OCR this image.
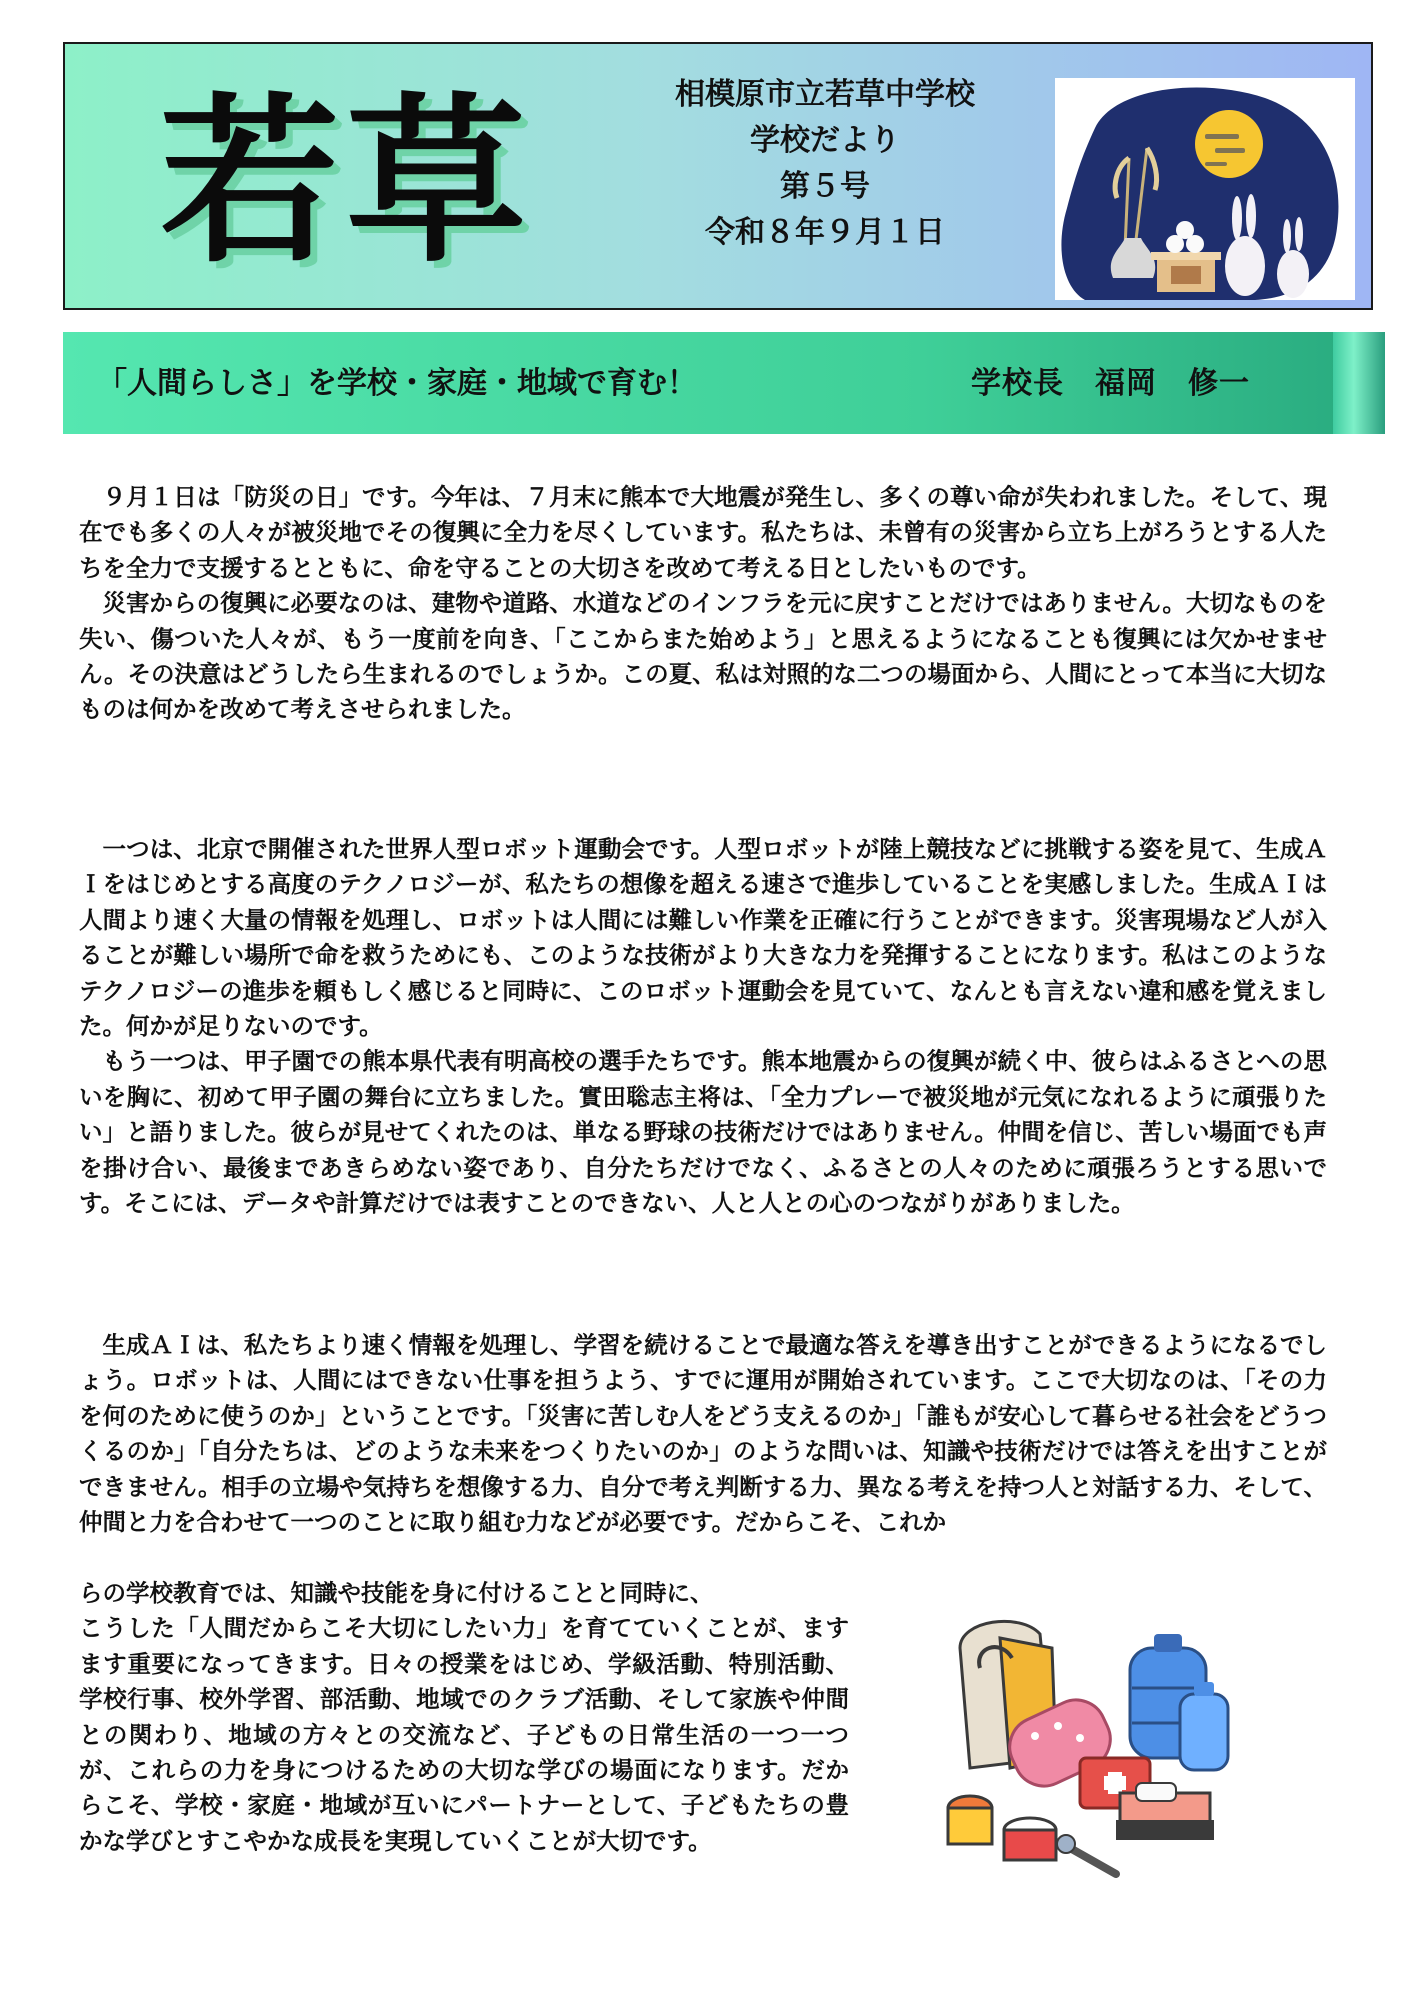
若草	相模原市立若草中学校
学校だより
第５号
令和８年９月１日
「人間らしさ」を学校・家庭・地域で育む！	学校長　福岡　修一

９月１日は「防災の日」です。今年は、７月末に熊本で大地震が発生し、多くの尊い命が失われました。そして、現在でも多くの人々が被災地でその復興に全力を尽くしています。私たちは、未曾有の災害から立ち上がろうとする人たちを全力で支援するとともに、命を守ることの大切さを改めて考える日としたいものです。

災害からの復興に必要なのは、建物や道路、水道などのインフラを元に戻すことだけではありません。大切なものを失い、傷ついた人々が、もう一度前を向き、「ここからまた始めよう」と思えるようになることも復興には欠かせません。その決意はどうしたら生まれるのでしょうか。この夏、私は対照的な二つの場面から、人間にとって本当に大切なものは何かを改めて考えさせられました。

一つは、北京で開催された世界人型ロボット運動会です。人型ロボットが陸上競技などに挑戦する姿を見て、生成ＡＩをはじめとする高度のテクノロジーが、私たちの想像を超える速さで進歩していることを実感しました。生成ＡＩは人間より速く大量の情報を処理し、ロボットは人間には難しい作業を正確に行うことができます。災害現場など人が入ることが難しい場所で命を救うためにも、このような技術がより大きな力を発揮することになります。私はこのようなテクノロジーの進歩を頼もしく感じると同時に、このロボット運動会を見ていて、なんとも言えない違和感を覚えました。何かが足りないのです。

もう一つは、甲子園での熊本県代表有明高校の選手たちです。熊本地震からの復興が続く中、彼らはふるさとへの思いを胸に、初めて甲子園の舞台に立ちました。實田聡志主将は、「全力プレーで被災地が元気になれるように頑張りたい」と語りました。彼らが見せてくれたのは、単なる野球の技術だけではありません。仲間を信じ、苦しい場面でも声を掛け合い、最後まであきらめない姿であり、自分たちだけでなく、ふるさとの人々のために頑張ろうとする思いです。そこには、データや計算だけでは表すことのできない、人と人との心のつながりがありました。

生成ＡＩは、私たちより速く情報を処理し、学習を続けることで最適な答えを導き出すことができるようになるでしょう。ロボットは、人間にはできない仕事を担うよう、すでに運用が開始されています。ここで大切なのは、「その力を何のために使うのか」ということです。「災害に苦しむ人をどう支えるのか」「誰もが安心して暮らせる社会をどうつくるのか」「自分たちは、どのような未来をつくりたいのか」のような問いは、知識や技術だけでは答えを出すことができません。相手の立場や気持ちを想像する力、自分で考え判断する力、異なる考えを持つ人と対話する力、そして、仲間と力を合わせて一つのことに取り組む力などが必要です。だからこそ、これか

らの学校教育では、知識や技能を身に付けることと同時に、

こうした「人間だからこそ大切にしたい力」を育てていくことが、ますます重要になってきます。日々の授業をはじめ、学級活動、特別活動、学校行事、校外学習、部活動、地域でのクラブ活動、そして家族や仲間との関わり、地域の方々との交流など、子どもの日常生活の一つ一つが、これらの力を身につけるための大切な学びの場面になります。だからこそ、学校・家庭・地域が互いにパートナーとして、子どもたちの豊かな学びとすこやかな成長を実現していくことが大切です。
